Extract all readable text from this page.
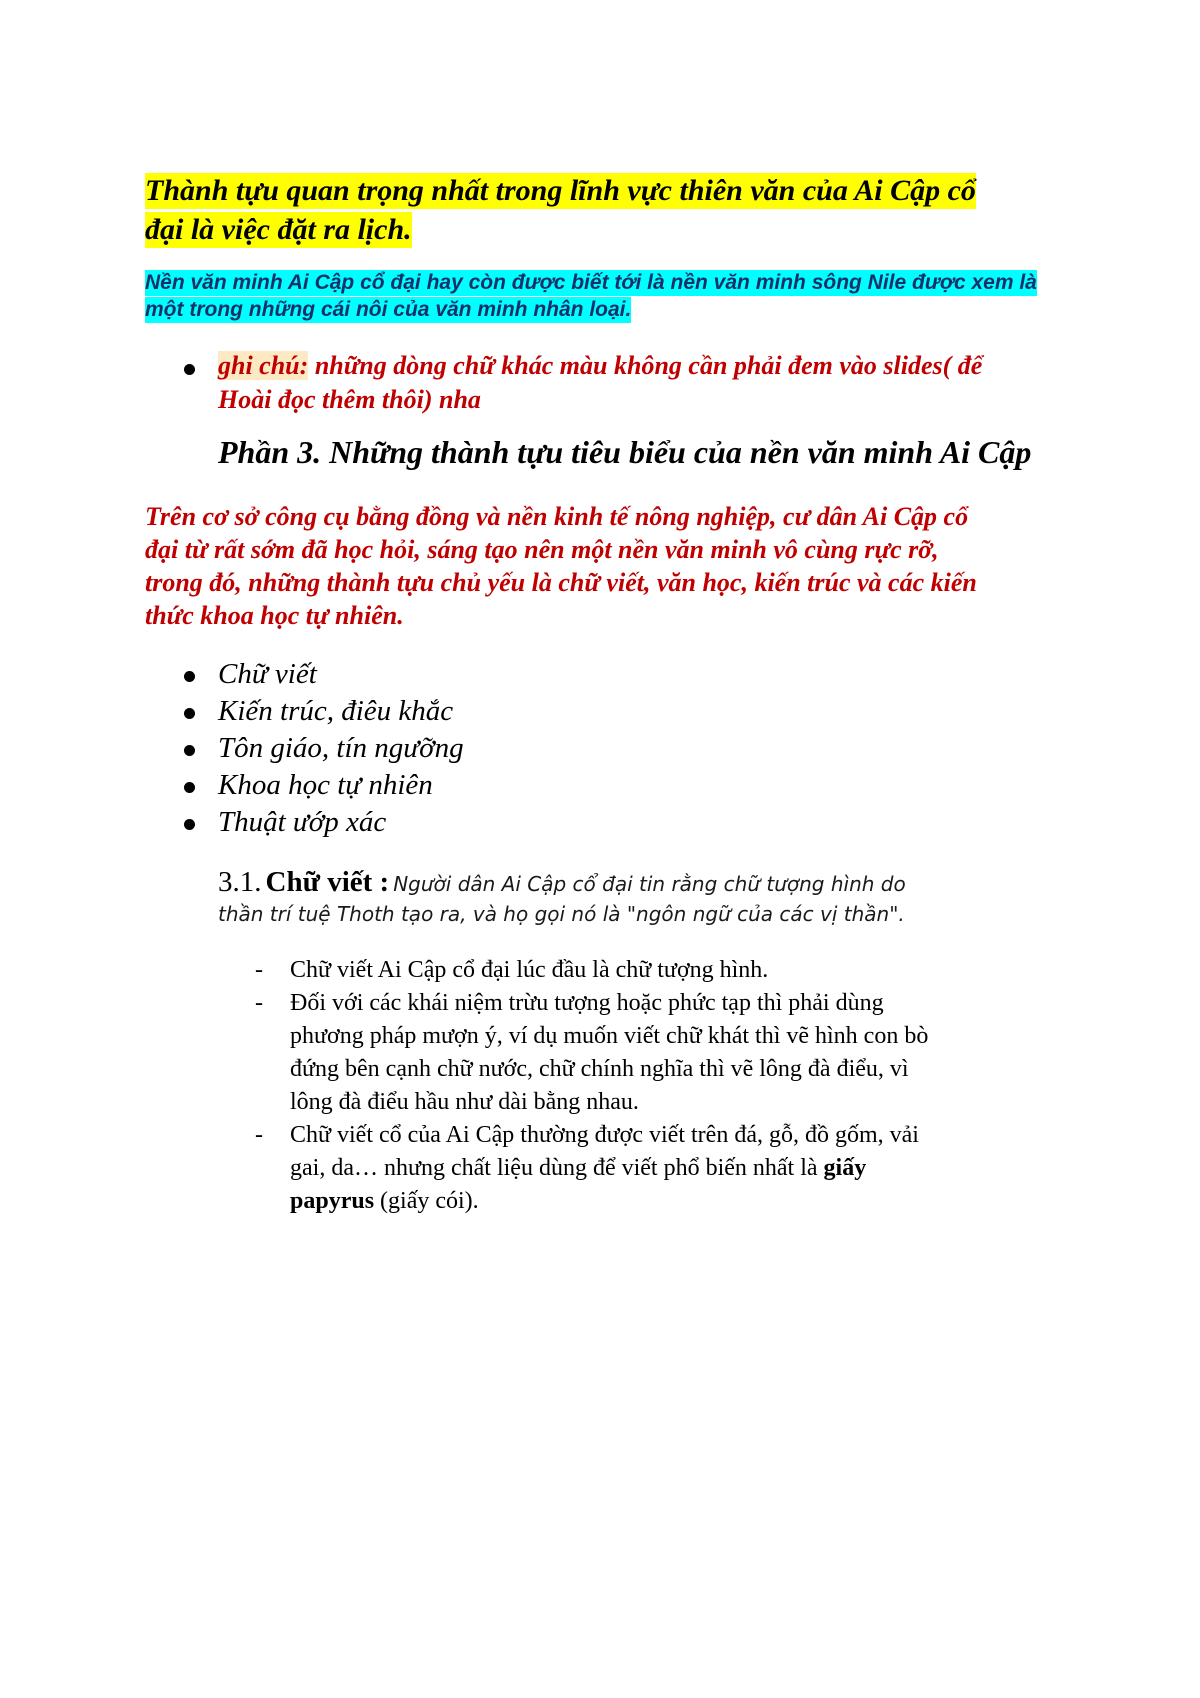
Thành tựu quan trọng nhất trong lĩnh vực thiên văn của Ai Cập cổ
đại là việc đặt ra lịch.
Nền văn minh Ai Cập cổ đại hay còn được biết tới là nền văn minh sông Nile được xem là
một trong những cái nôi của văn minh nhân loại.
ghi chú: những dòng chữ khác màu không cần phải đem vào slides( để
Hoài đọc thêm thôi) nha
Phần 3. Những thành tựu tiêu biểu của nền văn minh Ai Cập
Trên cơ sở công cụ bằng đồng và nền kinh tế nông nghiệp, cư dân Ai Cập cổ
đại từ rất sớm đã học hỏi, sáng tạo nên một nền văn minh vô cùng rực rỡ,
trong đó, những thành tựu chủ yếu là chữ viết, văn học, kiến trúc và các kiến
thức khoa học tự nhiên.
Chữ viết
Kiến trúc, điêu khắc
Tôn giáo, tín ngưỡng
Khoa học tự nhiên
Thuật ướp xác
3.1. Chữ viết : Người dân Ai Cập cổ đại tin rằng chữ tượng hình do
thần trí tuệ Thoth tạo ra, và họ gọi nó là "ngôn ngữ của các vị thần".
- Chữ viết Ai Cập cổ đại lúc đầu là chữ tượng hình.
- Đối với các khái niệm trừu tượng hoặc phức tạp thì phải dùng
phương pháp mượn ý, ví dụ muốn viết chữ khát thì vẽ hình con bò
đứng bên cạnh chữ nước, chữ chính nghĩa thì vẽ lông đà điểu, vì
lông đà điểu hầu như dài bằng nhau.
- Chữ viết cổ của Ai Cập thường được viết trên đá, gỗ, đồ gốm, vải
gai, da… nhưng chất liệu dùng để viết phổ biến nhất là giấy
papyrus (giấy cói).
